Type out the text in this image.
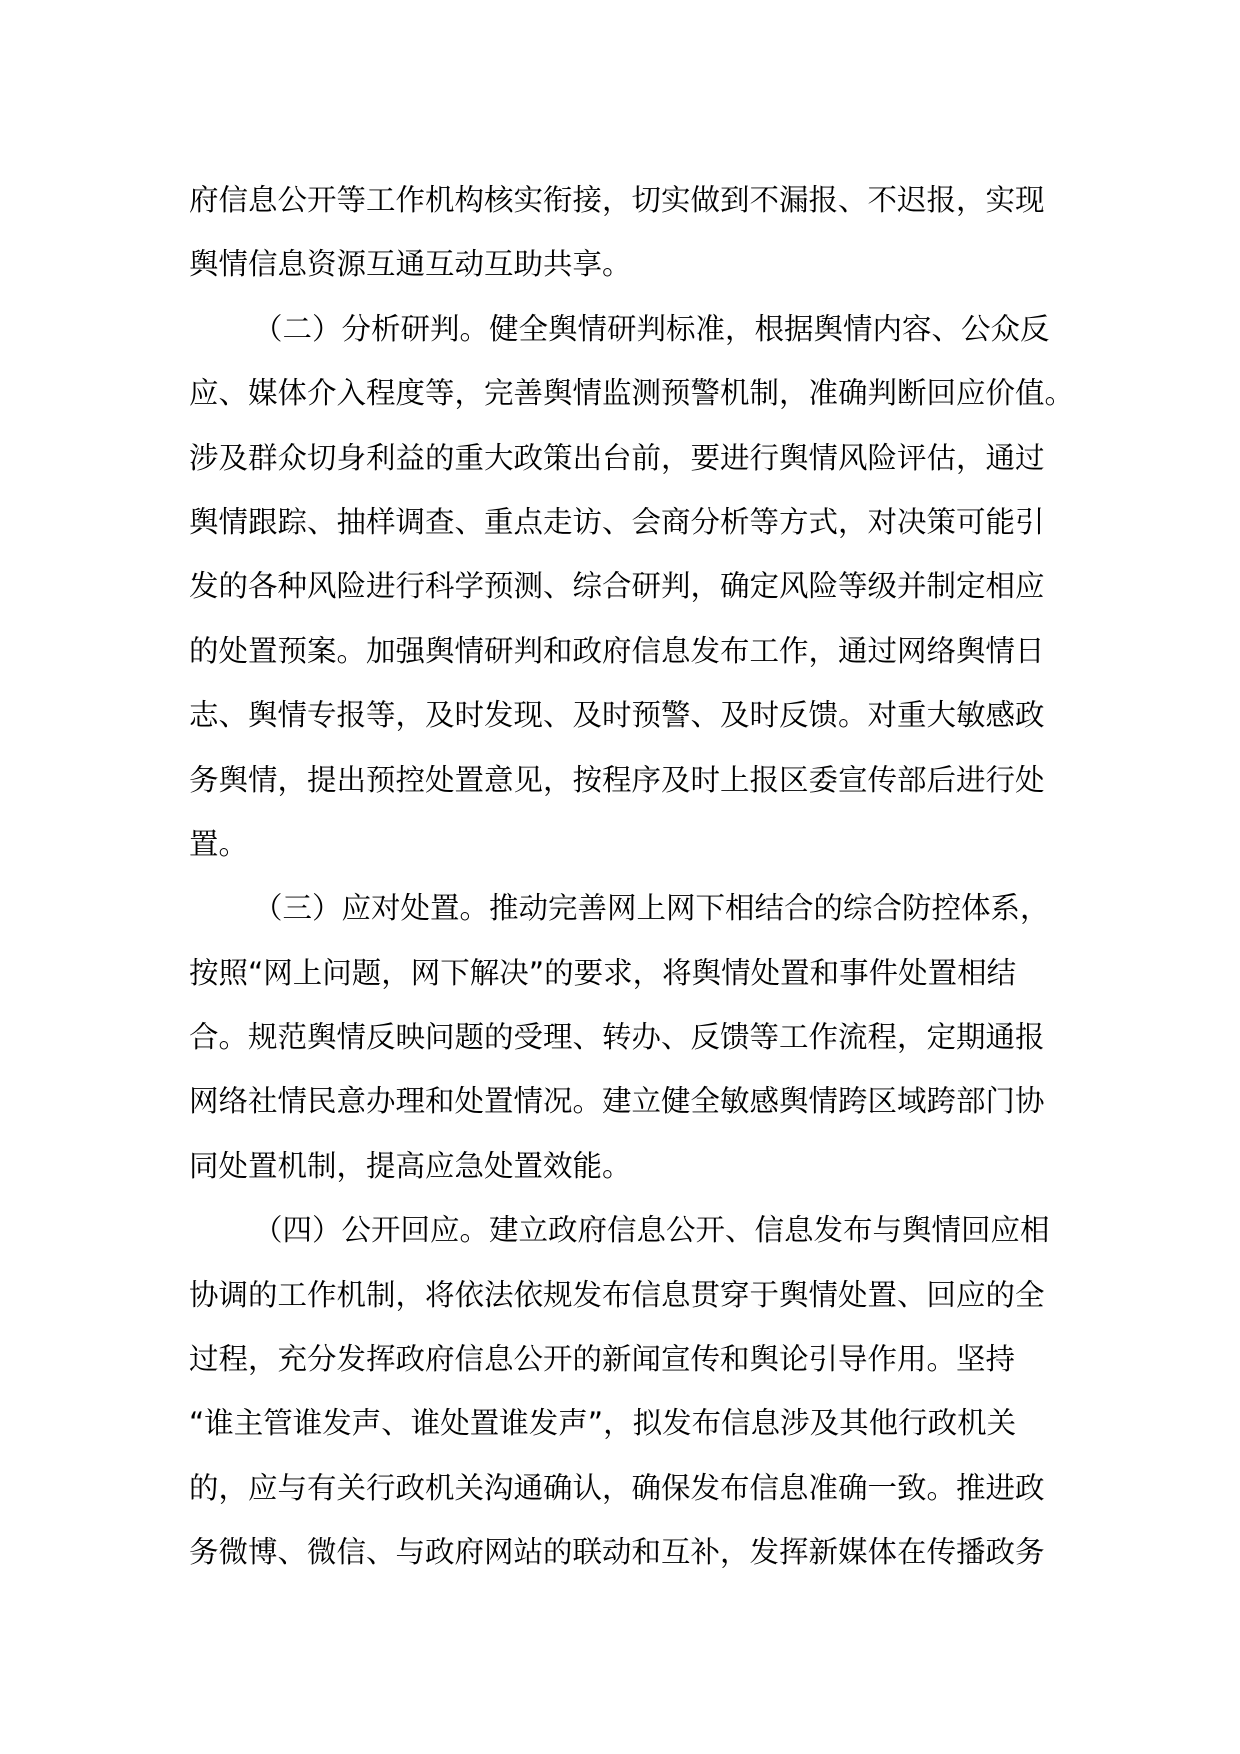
府信息公开等工作机构核实衔接，切实做到不漏报、不迟报，实现
舆情信息资源互通互动互助共享。
（二）分析研判。健全舆情研判标准，根据舆情内容、公众反
应、媒体介入程度等，完善舆情监测预警机制，准确判断回应价值。
涉及群众切身利益的重大政策出台前，要进行舆情风险评估，通过
舆情跟踪、抽样调查、重点走访、会商分析等方式，对决策可能引
发的各种风险进行科学预测、综合研判，确定风险等级并制定相应
的处置预案。加强舆情研判和政府信息发布工作，通过网络舆情日
志、舆情专报等，及时发现、及时预警、及时反馈。对重大敏感政
务舆情，提出预控处置意见，按程序及时上报区委宣传部后进行处
置。
（三）应对处置。推动完善网上网下相结合的综合防控体系，
按照“网上问题，网下解决”的要求，将舆情处置和事件处置相结
合。规范舆情反映问题的受理、转办、反馈等工作流程，定期通报
网络社情民意办理和处置情况。建立健全敏感舆情跨区域跨部门协
同处置机制，提高应急处置效能。
（四）公开回应。建立政府信息公开、信息发布与舆情回应相
协调的工作机制，将依法依规发布信息贯穿于舆情处置、回应的全
过程，充分发挥政府信息公开的新闻宣传和舆论引导作用。坚持
“谁主管谁发声、谁处置谁发声”，拟发布信息涉及其他行政机关
的，应与有关行政机关沟通确认，确保发布信息准确一致。推进政
务微博、微信、与政府网站的联动和互补，发挥新媒体在传播政务
